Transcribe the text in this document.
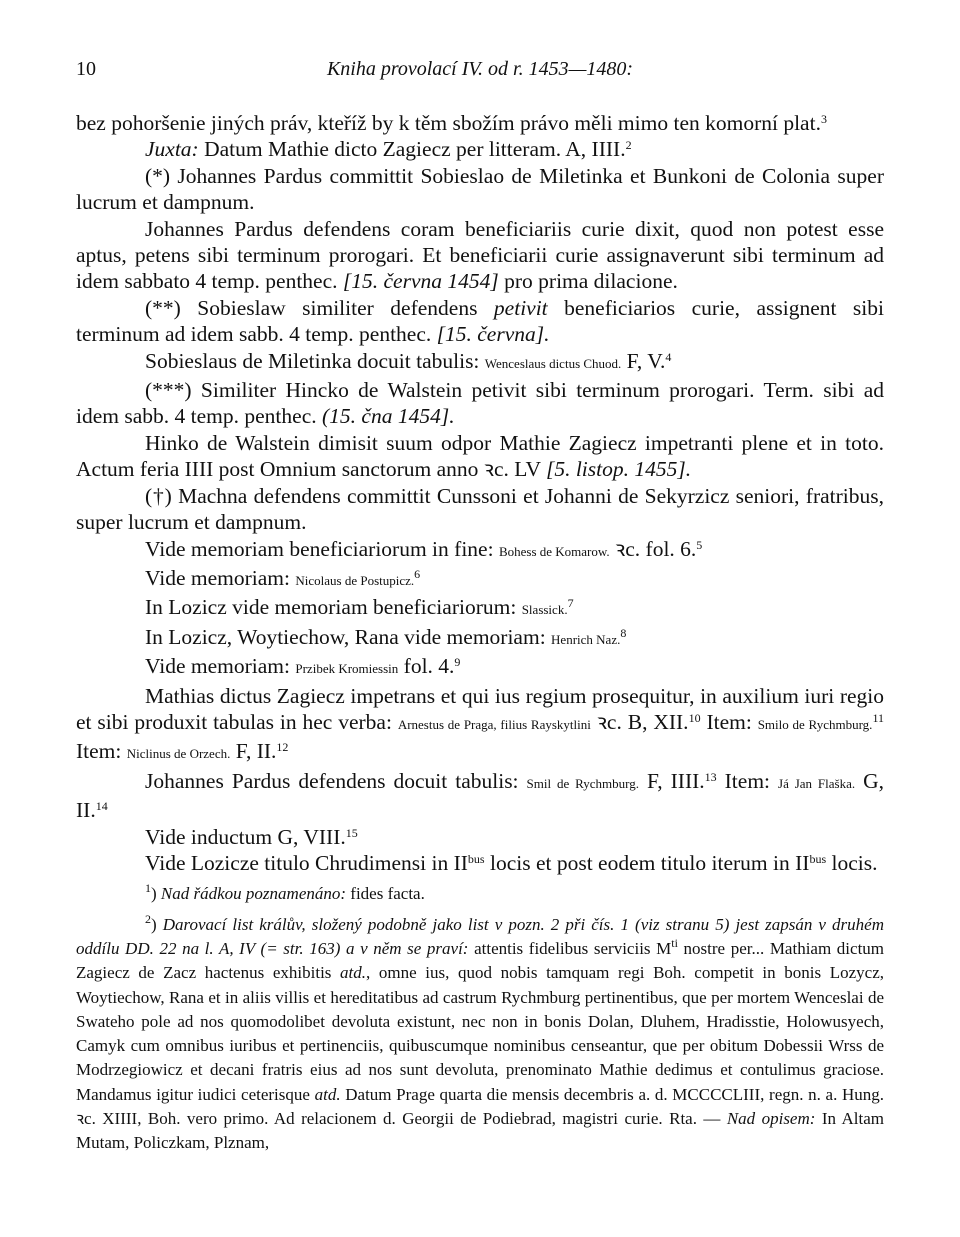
10	Kniha provolací IV. od r. 1453—1480:

bez pohoršenie jiných práv, kteříž by k těm sbožím právo měli mimo ten komorní plat.$^3$

Juxta: Datum Mathie dicto Zagiecz per litteram. A, IIII.$^2$

(*) Johannes Pardus committit Sobieslao de Miletinka et Bunkoni de Colonia super lucrum et dampnum.

Johannes Pardus defendens coram beneficiariis curie dixit, quod non potest esse aptus, petens sibi terminum prorogari. Et beneficiarii curie assignaverunt sibi terminum ad idem sabbato 4 temp. penthec. [15. června 1454] pro prima dilacione.

(**) Sobieslaw similiter defendens petivit beneficiarios curie, assignent sibi terminum ad idem sabb. 4 temp. penthec. [15. června].

Sobieslaus de Miletinka docuit tabulis: Wenceslaus dictus Chuod. F, V.$^4$

(***) Similiter Hincko de Walstein petivit sibi terminum prorogari. Term. sibi ad idem sabb. 4 temp. penthec. (15. čna 1454].

Hinko de Walstein dimisit suum odpor Mathie Zagiecz impetranti plene et in toto. Actum feria IIII post Omnium sanctorum anno ꝛc. LV [5. listop. 1455].

(†) Machna defendens committit Cunssoni et Johanni de Sekyrzicz seniori, fratribus, super lucrum et dampnum.

Vide memoriam beneficiariorum in fine: Bohess de Komarow. ꝛc. fol. 6.$^5$

Vide memoriam: Nicolaus de Postupicz.$^6$

In Lozicz vide memoriam beneficiariorum: Slassick.$^7$

In Lozicz, Woytiechow, Rana vide memoriam: Henrich Naz.$^8$

Vide memoriam: Przibek Kromiessin fol. 4.$^9$

Mathias dictus Zagiecz impetrans et qui ius regium prosequitur, in auxilium iuri regio et sibi produxit tabulas in hec verba: Arnestus de Praga, filius Rayskytlini ꝛc. B, XII.$^{10}$ Item: Smilo de Rychmburg.$^{11}$ Item: Niclinus de Orzech. F, II.$^{12}$

Johannes Pardus defendens docuit tabulis: Smil de Rychmburg. F, IIII.$^{13}$ Item: Já Jan Flaška. G, II.$^{14}$

Vide inductum G, VIII.$^{15}$

Vide Lozicze titulo Chrudimensi in $II^{bus}$ locis et post eodem titulo iterum in $II^{bus}$ locis.

$^1$) Nad řádkou poznamenáno: fides facta.

$^2$) Darovací list králův, složený podobně jako list v pozn. 2 při čís. 1 (viz stranu 5) jest zapsán v druhém oddílu DD. 22 na l. A, IV (= str. 163) a v něm se praví: attentis fidelibus serviciis $M^{ti}$ nostre per... Mathiam dictum Zagiecz de Zacz hactenus exhibitis atd., omne ius, quod nobis tamquam regi Boh. competit in bonis Lozycz, Woytiechow, Rana et in aliis villis et hereditatibus ad castrum Rychmburg pertinentibus, que per mortem Wenceslai de Swateho pole ad nos quomodolibet devoluta existunt, nec non in bonis Dolan, Dluhem, Hradisstie, Holowusyech, Camyk cum omnibus iuribus et pertinenciis, quibuscumque nominibus censeantur, que per obitum Dobessii Wrss de Modrzegiowicz et decani fratris eius ad nos sunt devoluta, prenominato Mathie dedimus et contulimus graciose. Mandamus igitur iudici ceterisque atd. Datum Prage quarta die mensis decembris a. d. MCCCCLIII, regn. n. a. Hung. ꝛc. XIIII, Boh. vero primo. Ad relacionem d. Georgii de Podiebrad, magistri curie. Rta. — Nad opisem: In Altam Mutam, Policzkam, Plznam,
